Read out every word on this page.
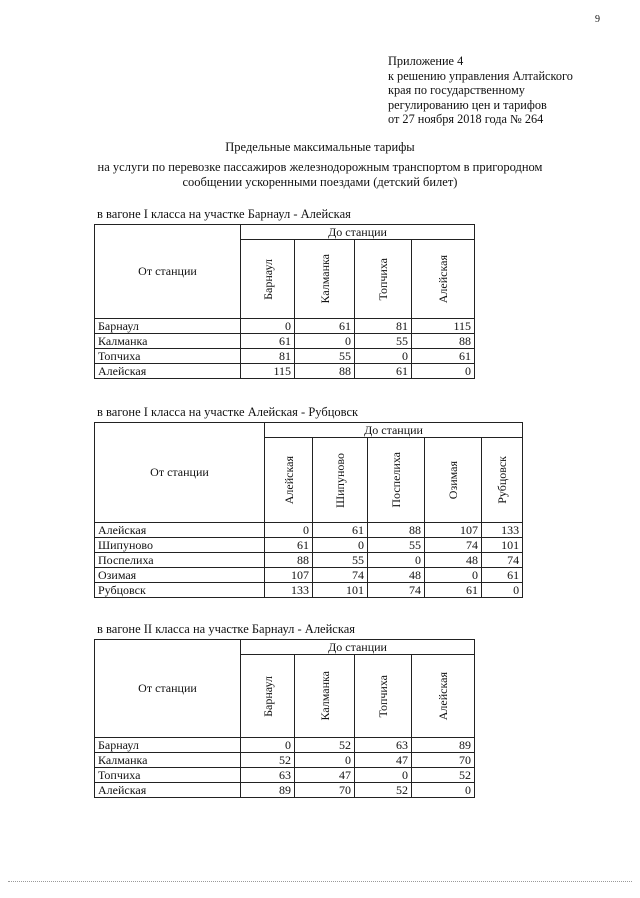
9
Приложение 4
к решению управления Алтайского
края по государственному
регулированию цен и тарифов
от 27 ноября 2018 года № 264
Предельные максимальные тарифы
на услуги по перевозке пассажиров железнодорожным транспортом в пригородном
сообщении ускоренными поездами (детский билет)
в вагоне I класса на участке Барнаул - Алейская
От станции	До станции			

	Барнаул	Калманка	Топчиха	Алейская

Барнаул	0	61	81	115
Калманка	61	0	55	88
Топчиха	81	55	0	61
Алейская	115	88	61	0
в вагоне I класса на участке Алейская - Рубцовск
От станции	До станции				

	Алейская	Шипуново	Поспелиха	Озимая	Рубцовск

Алейская	0	61	88	107	133
Шипуново	61	0	55	74	101
Поспелиха	88	55	0	48	74
Озимая	107	74	48	0	61
Рубцовск	133	101	74	61	0
в вагоне II класса на участке Барнаул - Алейская
От станции	До станции			

	Барнаул	Калманка	Топчиха	Алейская

Барнаул	0	52	63	89
Калманка	52	0	47	70
Топчиха	63	47	0	52
Алейская	89	70	52	0
